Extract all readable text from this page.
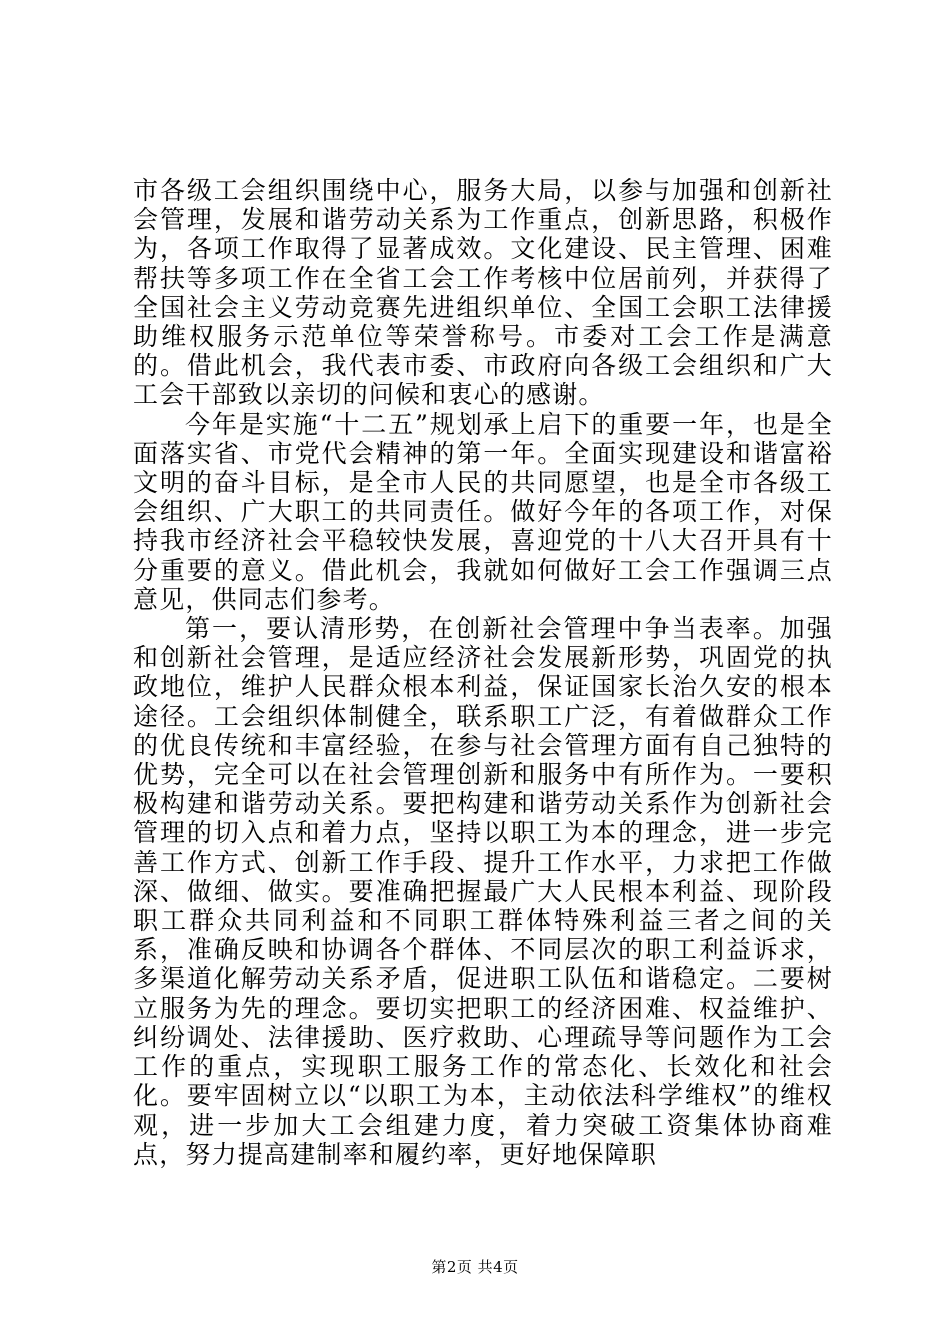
市各级工会组织围绕中心，服务大局，以参与加强和创新社会管理，发展和谐劳动关系为工作重点，创新思路，积极作为，各项工作取得了显著成效。文化建设、民主管理、困难帮扶等多项工作在全省工会工作考核中位居前列，并获得了全国社会主义劳动竞赛先进组织单位、全国工会职工法律援助维权服务示范单位等荣誉称号。市委对工会工作是满意的。借此机会，我代表市委、市政府向各级工会组织和广大工会干部致以亲切的问候和衷心的感谢。

今年是实施“十二五”规划承上启下的重要一年，也是全面落实省、市党代会精神的第一年。全面实现建设和谐富裕文明的奋斗目标，是全市人民的共同愿望，也是全市各级工会组织、广大职工的共同责任。做好今年的各项工作，对保持我市经济社会平稳较快发展，喜迎党的十八大召开具有十分重要的意义。借此机会，我就如何做好工会工作强调三点意见，供同志们参考。

第一，要认清形势，在创新社会管理中争当表率。加强和创新社会管理，是适应经济社会发展新形势，巩固党的执政地位，维护人民群众根本利益，保证国家长治久安的根本途径。工会组织体制健全，联系职工广泛，有着做群众工作的优良传统和丰富经验，在参与社会管理方面有自己独特的优势，完全可以在社会管理创新和服务中有所作为。一要积极构建和谐劳动关系。要把构建和谐劳动关系作为创新社会管理的切入点和着力点，坚持以职工为本的理念，进一步完善工作方式、创新工作手段、提升工作水平，力求把工作做深、做细、做实。要准确把握最广大人民根本利益、现阶段职工群众共同利益和不同职工群体特殊利益三者之间的关系，准确反映和协调各个群体、不同层次的职工利益诉求，多渠道化解劳动关系矛盾，促进职工队伍和谐稳定。二要树立服务为先的理念。要切实把职工的经济困难、权益维护、纠纷调处、法律援助、医疗救助、心理疏导等问题作为工会工作的重点，实现职工服务工作的常态化、长效化和社会化。要牢固树立以“以职工为本，主动依法科学维权”的维权观，进一步加大工会组建力度，着力突破工资集体协商难点，努力提高建制率和履约率，更好地保障职

第2页 共4页
